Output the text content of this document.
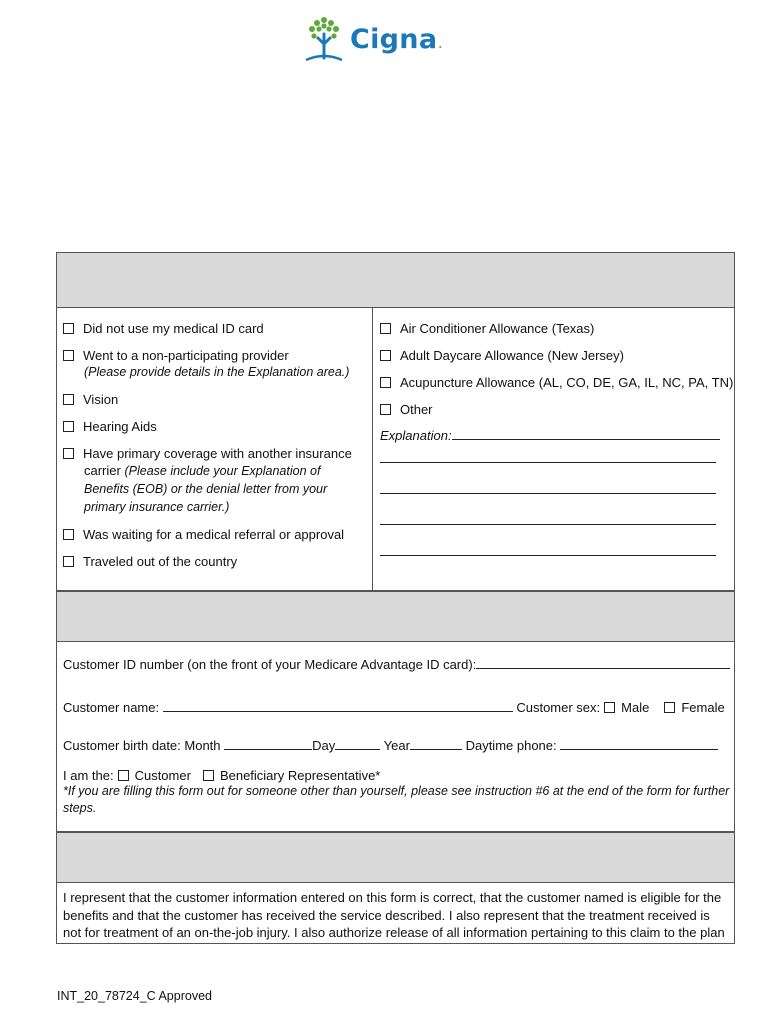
Cigna.
Did not use my medical ID card
Went to a non-participating provider
(Please provide details in the Explanation area.)
Vision
Hearing Aids
Have primary coverage with another insurance
carrier (Please include your Explanation of Benefits (EOB) or the denial letter from your primary insurance carrier.)
Was waiting for a medical referral or approval
Traveled out of the country
Air Conditioner Allowance (Texas)
Adult Daycare Allowance (New Jersey)
Acupuncture Allowance (AL, CO, DE, GA, IL, NC, PA, TN)
Other
Explanation:
Customer ID number (on the front of your Medicare Advantage ID card):
Customer name:	Customer sex: Male Female
Customer birth date: Month	Day	Year	Daytime phone:
I am the: Customer Beneficiary Representative*
*If you are filling this form out for someone other than yourself, please see instruction #6 at the end of the form for further steps.
I represent that the customer information entered on this form is correct, that the customer named is eligible for the benefits and that the customer has received the service described. I also represent that the treatment received is not for treatment of an on-the-job injury. I also authorize release of all information pertaining to this claim to the plan
INT_20_78724_C Approved
